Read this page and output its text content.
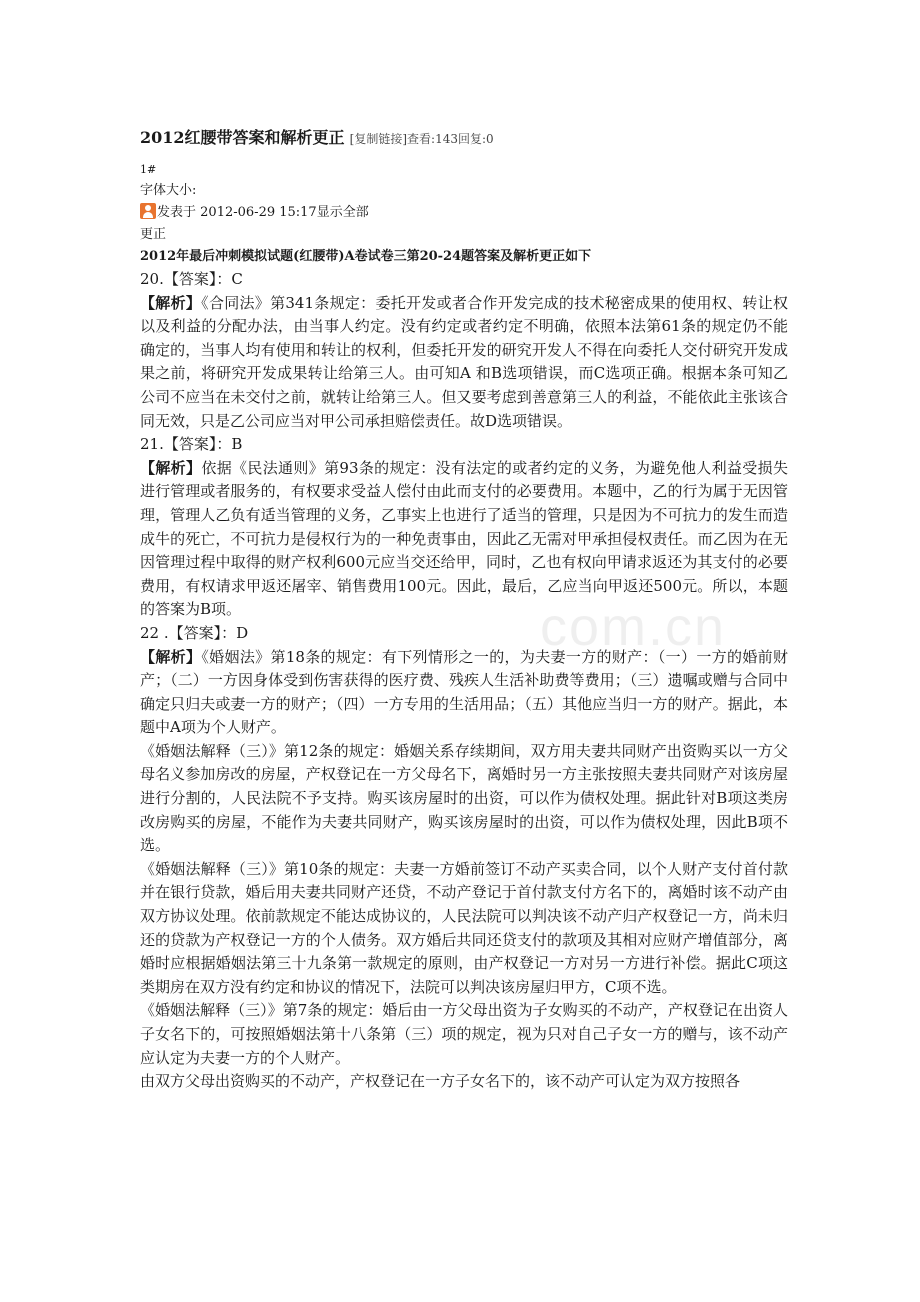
2012红腰带答案和解析更正 [复制链接]查看:143回复:0
1#
字体大小:
发表于 2012-06-29 15:17显示全部
更正
2012年最后冲刺模拟试题(红腰带)A卷试卷三第20-24题答案及解析更正如下
20.【答案】：C

【解析】《合同法》第341条规定：委托开发或者合作开发完成的技术秘密成果的使用权、转让权以及利益的分配办法，由当事人约定。没有约定或者约定不明确，依照本法第61条的规定仍不能确定的，当事人均有使用和转让的权利，但委托开发的研究开发人不得在向委托人交付研究开发成果之前，将研究开发成果转让给第三人。由可知A 和B选项错误，而C选项正确。根据本条可知乙公司不应当在未交付之前，就转让给第三人。但又要考虑到善意第三人的利益，不能依此主张该合同无效，只是乙公司应当对甲公司承担赔偿责任。故D选项错误。

21.【答案】：B

【解析】依据《民法通则》第93条的规定：没有法定的或者约定的义务，为避免他人利益受损失进行管理或者服务的，有权要求受益人偿付由此而支付的必要费用。本题中，乙的行为属于无因管理，管理人乙负有适当管理的义务，乙事实上也进行了适当的管理，只是因为不可抗力的发生而造成牛的死亡，不可抗力是侵权行为的一种免责事由，因此乙无需对甲承担侵权责任。而乙因为在无因管理过程中取得的财产权利600元应当交还给甲，同时，乙也有权向甲请求返还为其支付的必要费用，有权请求甲返还屠宰、销售费用100元。因此，最后，乙应当向甲返还500元。所以，本题的答案为B项。

22 .【答案】：D

【解析】《婚姻法》第18条的规定：有下列情形之一的，为夫妻一方的财产：（一）一方的婚前财产；（二）一方因身体受到伤害获得的医疗费、残疾人生活补助费等费用；（三）遗嘱或赠与合同中确定只归夫或妻一方的财产；（四）一方专用的生活用品；（五）其他应当归一方的财产。据此，本题中A项为个人财产。

《婚姻法解释（三）》第12条的规定：婚姻关系存续期间，双方用夫妻共同财产出资购买以一方父母名义参加房改的房屋，产权登记在一方父母名下，离婚时另一方主张按照夫妻共同财产对该房屋进行分割的，人民法院不予支持。购买该房屋时的出资，可以作为债权处理。据此针对B项这类房改房购买的房屋，不能作为夫妻共同财产，购买该房屋时的出资，可以作为债权处理，因此B项不选。

《婚姻法解释（三）》第10条的规定：夫妻一方婚前签订不动产买卖合同，以个人财产支付首付款并在银行贷款，婚后用夫妻共同财产还贷，不动产登记于首付款支付方名下的，离婚时该不动产由双方协议处理。依前款规定不能达成协议的，人民法院可以判决该不动产归产权登记一方，尚未归还的贷款为产权登记一方的个人债务。双方婚后共同还贷支付的款项及其相对应财产增值部分，离婚时应根据婚姻法第三十九条第一款规定的原则，由产权登记一方对另一方进行补偿。据此C项这类期房在双方没有约定和协议的情况下，法院可以判决该房屋归甲方，C项不选。

《婚姻法解释（三）》第7条的规定：婚后由一方父母出资为子女购买的不动产，产权登记在出资人子女名下的，可按照婚姻法第十八条第（三）项的规定，视为只对自己子女一方的赠与，该不动产应认定为夫妻一方的个人财产。

由双方父母出资购买的不动产，产权登记在一方子女名下的，该不动产可认定为双方按照各

com.cn
